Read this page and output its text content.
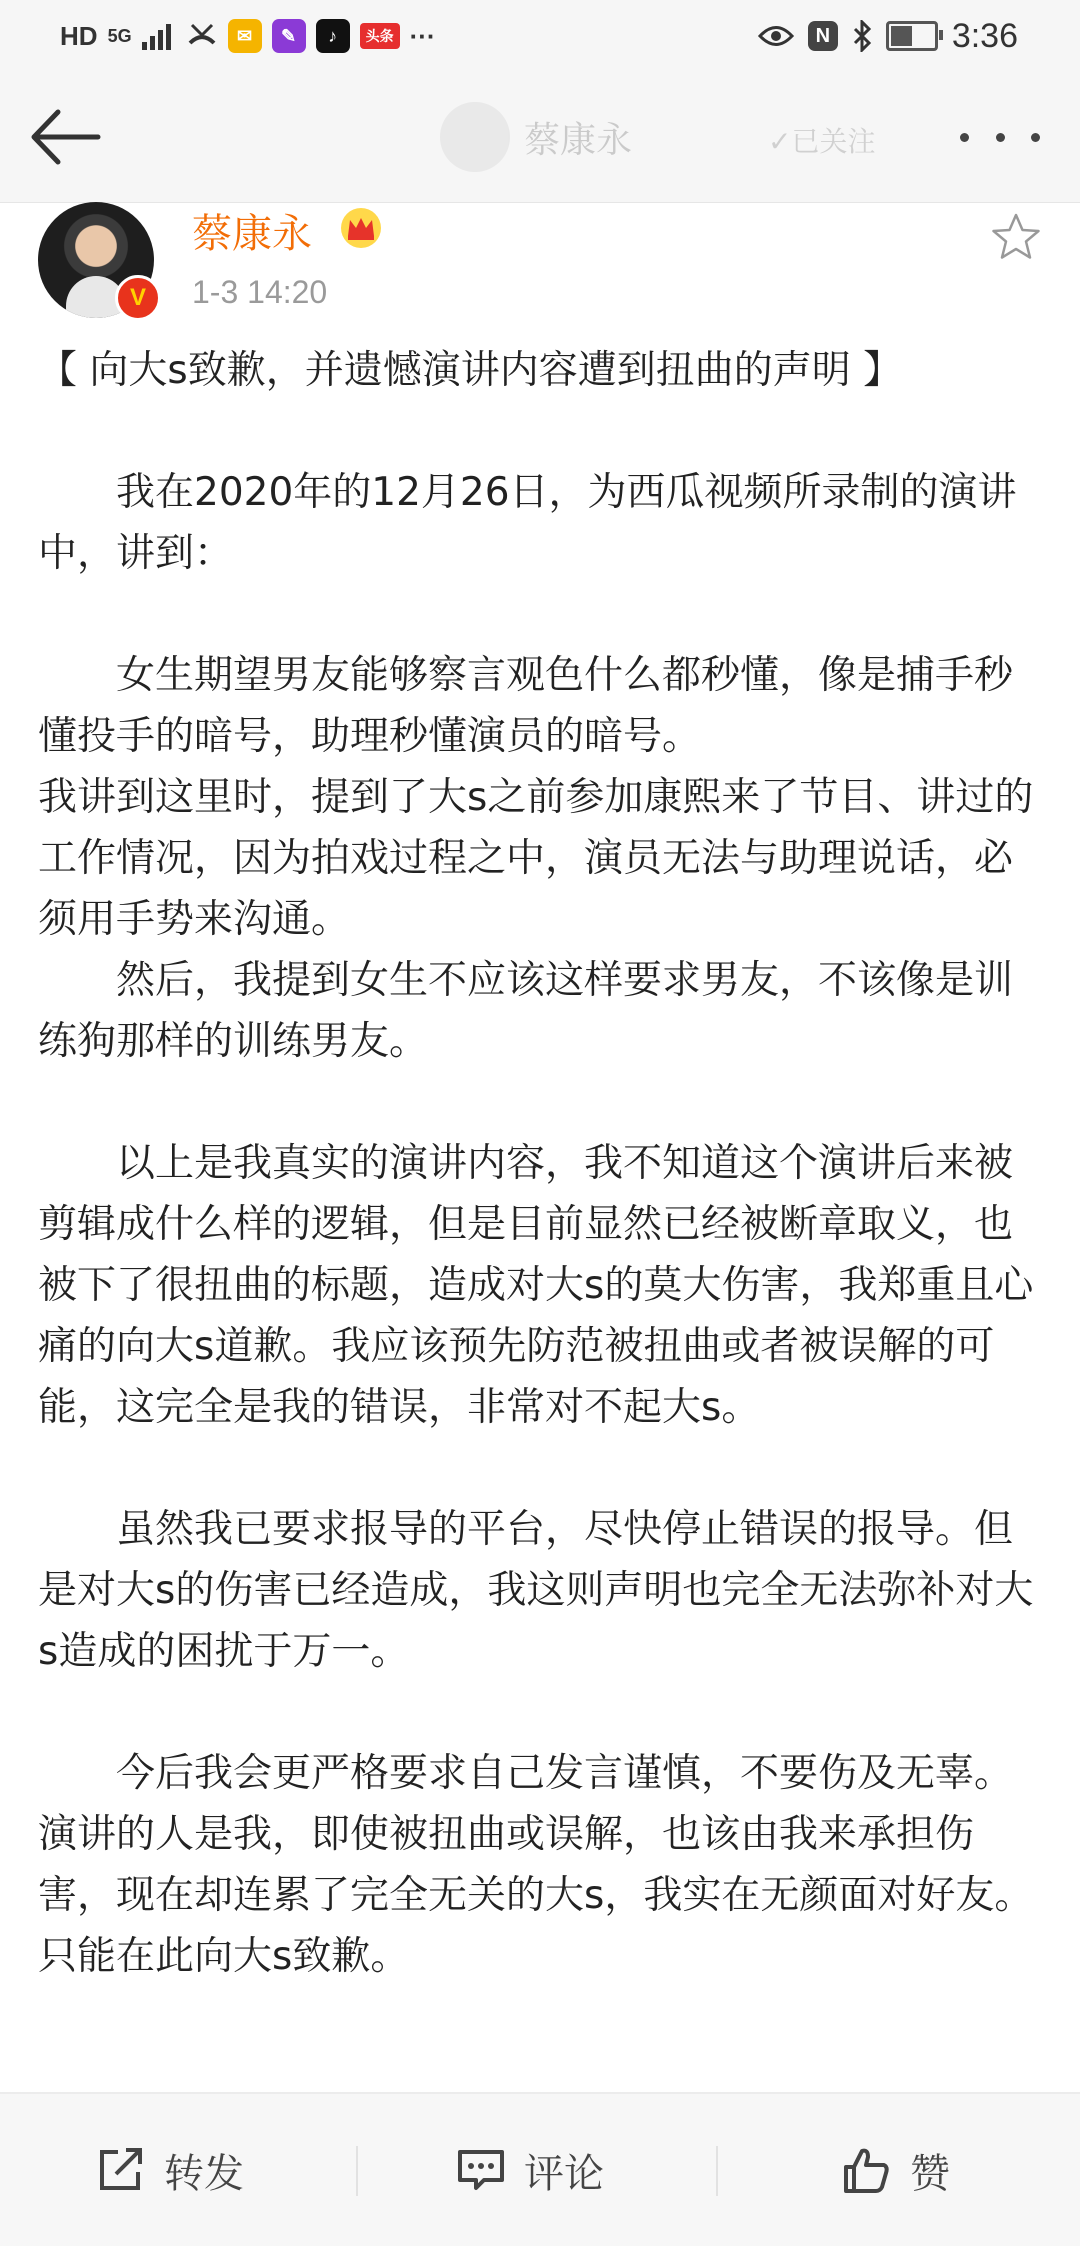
HD 5G	✉	✎	♪	头条 ···	N	3:36
蔡康永	✓已关注
V
蔡康永
1-3 14:20

【 向大s致歉，并遗憾演讲内容遭到扭曲的声明 】

我在2020年的12月26日，为西瓜视频所录制的演讲中，讲到：

女生期望男友能够察言观色什么都秒懂，像是捕手秒懂投手的暗号，助理秒懂演员的暗号。

我讲到这里时，提到了大s之前参加康熙来了节目、讲过的工作情况，因为拍戏过程之中，演员无法与助理说话，必须用手势来沟通。

然后，我提到女生不应该这样要求男友，不该像是训练狗那样的训练男友。

以上是我真实的演讲内容，我不知道这个演讲后来被剪辑成什么样的逻辑，但是目前显然已经被断章取义，也被下了很扭曲的标题，造成对大s的莫大伤害，我郑重且心痛的向大s道歉。我应该预先防范被扭曲或者被误解的可能，这完全是我的错误，非常对不起大s。

虽然我已要求报导的平台，尽快停止错误的报导。但是对大s的伤害已经造成，我这则声明也完全无法弥补对大s造成的困扰于万一。

今后我会更严格要求自己发言谨慎，不要伤及无辜。演讲的人是我，即使被扭曲或误解，也该由我来承担伤害，现在却连累了完全无关的大s，我实在无颜面对好友。只能在此向大s致歉。

转发	评论	赞
